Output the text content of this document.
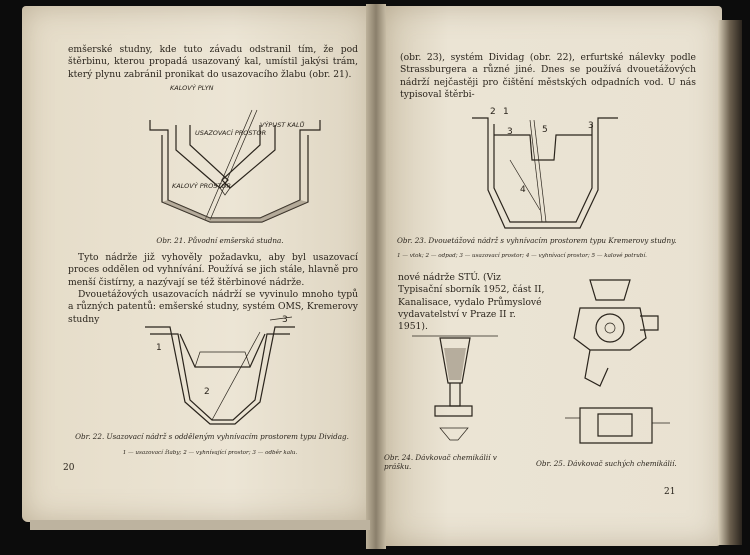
emšerské studny, kde tuto závadu odstranil tím, že pod štěrbinu, kterou propadá usazovaný kal, umístil jakýsi trám, který plynu zabránil pronikat do usazovacího žlabu (obr. 21).
KALOVÝ PLYN
USAZOVACÍ PROSTOR
VÝPUST KALŮ
KALOVÝ PROSTOR
Obr. 21. Původní emšerská studna.
Tyto nádrže již vyhověly požadavku, aby byl usazovací proces oddělen od vyhnívání. Používá se jich stále, hlavně pro menší čistírny, a nazývají se též štěrbinové nádrže.
Dvouetážových usazovacích nádrží se vyvinulo mnoho typů a různých patentů: emšerské studny, systém OMS, Kremerovy studny
1
2
3
Obr. 22. Usazovací nádrž s odděleným vyhnívacím prostorem typu Dividag.
1 — usazovací žlaby; 2 — vyhnívající prostor; 3 — odběr kalu.
20
(obr. 23), systém Dividag (obr. 22), erfurtské nálevky podle Strassburgera a různé jiné. Dnes se používá dvouetážových nádrží nejčastěji pro čištění městských odpadních vod. U nás typisoval štěrbi-
2 1
3	5	3
4
Obr. 23. Dvouetážová nádrž s vyhnívacím prostorem typu Kremerovy studny.
1 — vtok; 2 — odpad; 3 — usazovací prostor; 4 — vyhnívací prostor; 5 — kalové potrubí.
nové nádrže STÚ. (Viz Typisační sborník 1952, část II, Kanalisace, vydalo Průmyslové vydavatelství v Praze II r. 1951).
Obr. 24. Dávkovač chemikálií v prášku.	Obr. 25. Dávkovač suchých chemikálií.
21
